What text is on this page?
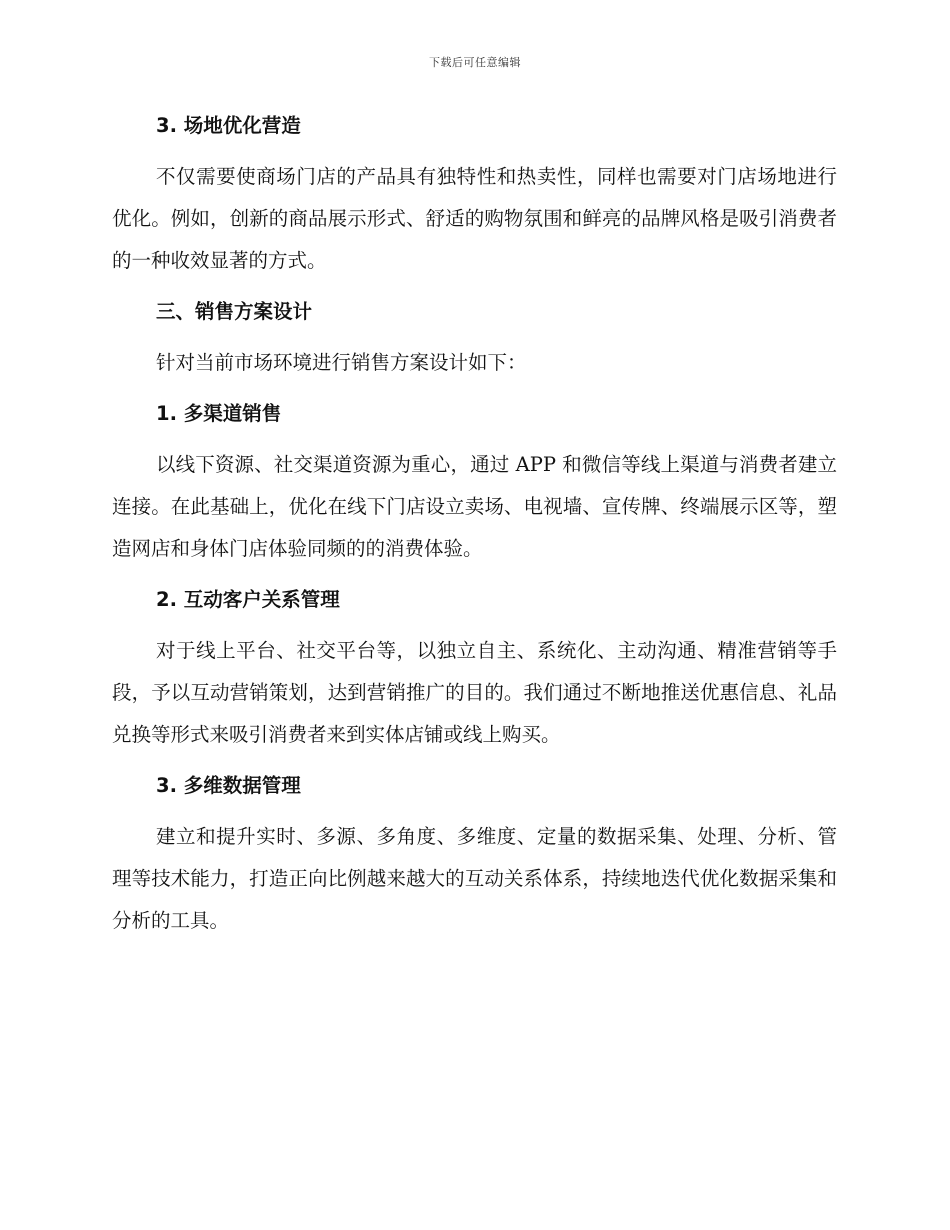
下载后可任意编辑
3. 场地优化营造

不仅需要使商场门店的产品具有独特性和热卖性，同样也需要对门店场地进行优化。例如，创新的商品展示形式、舒适的购物氛围和鲜亮的品牌风格是吸引消费者的一种收效显著的方式。

三、销售方案设计

针对当前市场环境进行销售方案设计如下：

1. 多渠道销售

以线下资源、社交渠道资源为重心，通过 APP 和微信等线上渠道与消费者建立连接。在此基础上，优化在线下门店设立卖场、电视墙、宣传牌、终端展示区等，塑造网店和身体门店体验同频的的消费体验。

2. 互动客户关系管理

对于线上平台、社交平台等，以独立自主、系统化、主动沟通、精准营销等手段，予以互动营销策划，达到营销推广的目的。我们通过不断地推送优惠信息、礼品兑换等形式来吸引消费者来到实体店铺或线上购买。

3. 多维数据管理

建立和提升实时、多源、多角度、多维度、定量的数据采集、处理、分析、管理等技术能力，打造正向比例越来越大的互动关系体系，持续地迭代优化数据采集和分析的工具。
